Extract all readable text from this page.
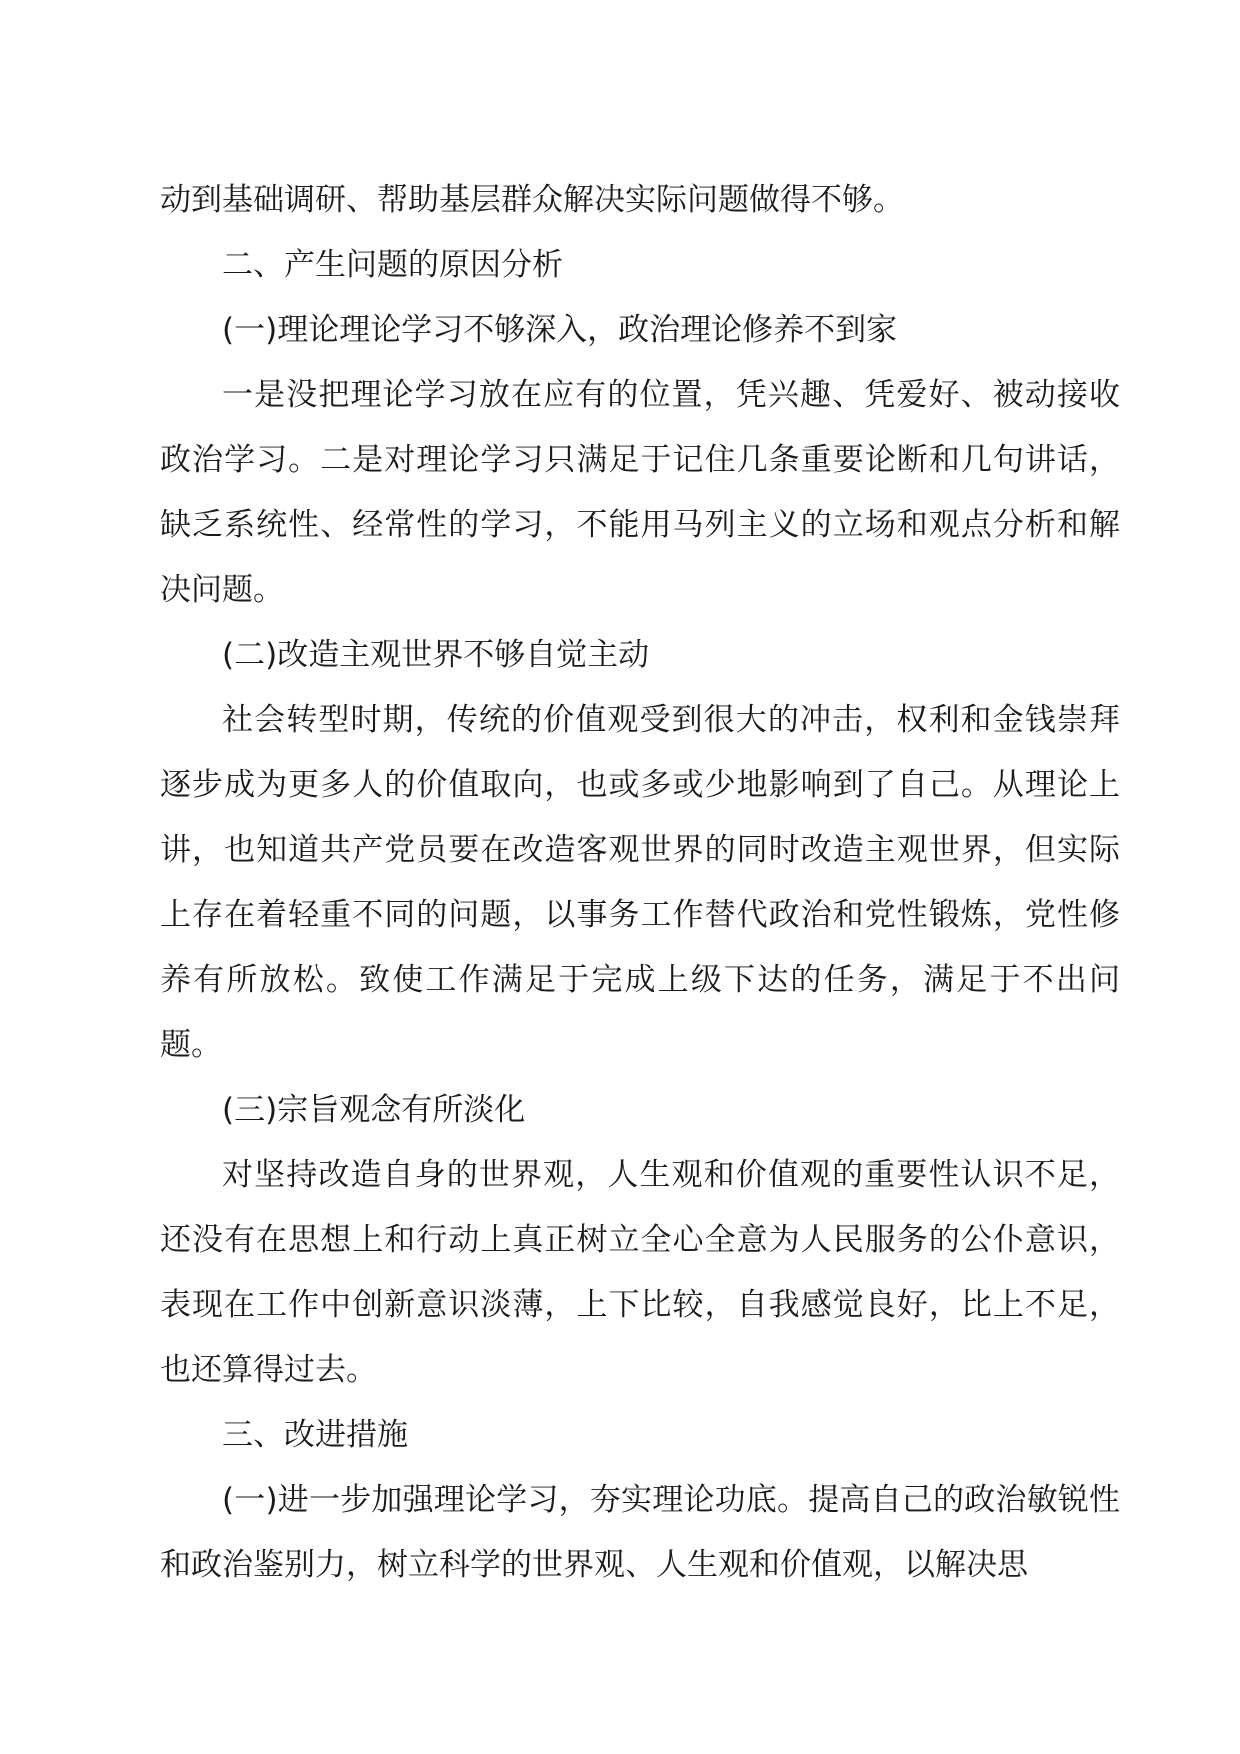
动到基础调研、帮助基层群众解决实际问题做得不够。

二、产生问题的原因分析

(一)理论理论学习不够深入，政治理论修养不到家

一是没把理论学习放在应有的位置，凭兴趣、凭爱好、被动接收政治学习。二是对理论学习只满足于记住几条重要论断和几句讲话，缺乏系统性、经常性的学习，不能用马列主义的立场和观点分析和解决问题。

(二)改造主观世界不够自觉主动

社会转型时期，传统的价值观受到很大的冲击，权利和金钱崇拜逐步成为更多人的价值取向，也或多或少地影响到了自己。从理论上讲，也知道共产党员要在改造客观世界的同时改造主观世界，但实际上存在着轻重不同的问题，以事务工作替代政治和党性锻炼，党性修养有所放松。致使工作满足于完成上级下达的任务，满足于不出问题。

(三)宗旨观念有所淡化

对坚持改造自身的世界观，人生观和价值观的重要性认识不足，还没有在思想上和行动上真正树立全心全意为人民服务的公仆意识，表现在工作中创新意识淡薄，上下比较，自我感觉良好，比上不足，也还算得过去。

三、改进措施

(一)进一步加强理论学习，夯实理论功底。提高自己的政治敏锐性和政治鉴别力，树立科学的世界观、人生观和价值观，以解决思
